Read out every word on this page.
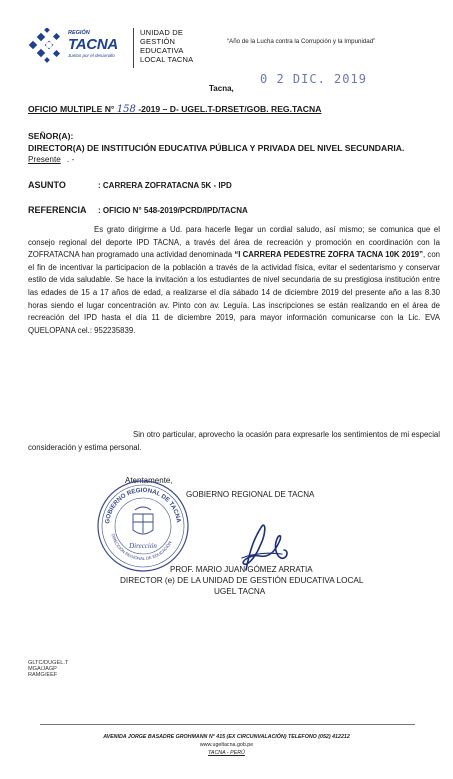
REGIÓN
TACNA
Juntos por el desarrollo
UNIDAD DE
GESTIÓN
EDUCATIVA
LOCAL TACNA
“Año de la Lucha contra la Corrupción y la Impunidad”
Tacna,
0 2 DIC. 2019
OFICIO MULTIPLE N° 158 -2019 – D- UGEL.T-DRSET/GOB. REG.TACNA
SEÑOR(A):
DIRECTOR(A) DE INSTITUCIÓN EDUCATIVA PÚBLICA Y PRIVADA DEL NIVEL SECUNDARIA.
Presente . -
ASUNTO	: CARRERA ZOFRATACNA 5K - IPD
REFERENCIA : OFICIO N° 548-2019/PCRD/IPD/TACNA
Es grato dirigirme a Ud. para hacerle llegar un cordial saludo, así mismo; se comunica que el consejo regional del deporte IPD TACNA, a través del área de recreación y promoción en coordinación con la ZOFRATACNA han programado una actividad denominada “I CARRERA PEDESTRE ZOFRA TACNA 10K 2019”, con el fin de incentivar la participacion de la población a través de la actividad física, evitar el sedentarismo y conservar estilo de vida saludable. Se hace la invitación a los estudiantes de nivel secundaria de su prestigiosa institución entre las edades de 15 a 17 años de edad, a realizarse el día sábado 14 de diciembre 2019 del presente año a las 8.30 horas siendo el lugar concentración av. Pinto con av. Leguía. Las inscripciones se están realizando en el área de recreación del IPD hasta el día 11 de diciembre 2019, para mayor información comunicarse con la Lic. EVA QUELOPANA cel.: 952235839.
Sin otro particular, aprovecho la ocasión para expresarle los sentimientos de mi especial consideración y estima personal.
Atentamente,
GOBIERNO REGIONAL DE TACNA
DIRECCIÓN REGIONAL DE EDUCACIÓN
Dirección
GOBIERNO REGIONAL DE TACNA
PROF. MARIO JUAN GÓMEZ ARRATIA
DIRECTOR (e) DE LA UNIDAD DE GESTIÓN EDUCATIVA LOCAL
UGEL TACNA
GLTC/DUGEL.T
MGA/JAGP
RAMG/EEF
AVENIDA JORGE BASADRE GROHMANN N° 415 (EX CIRCUNVALACIÓN) TELEFONO (052) 412212
www.ugeltacna.gob.pe
TACNA - PERÚ
